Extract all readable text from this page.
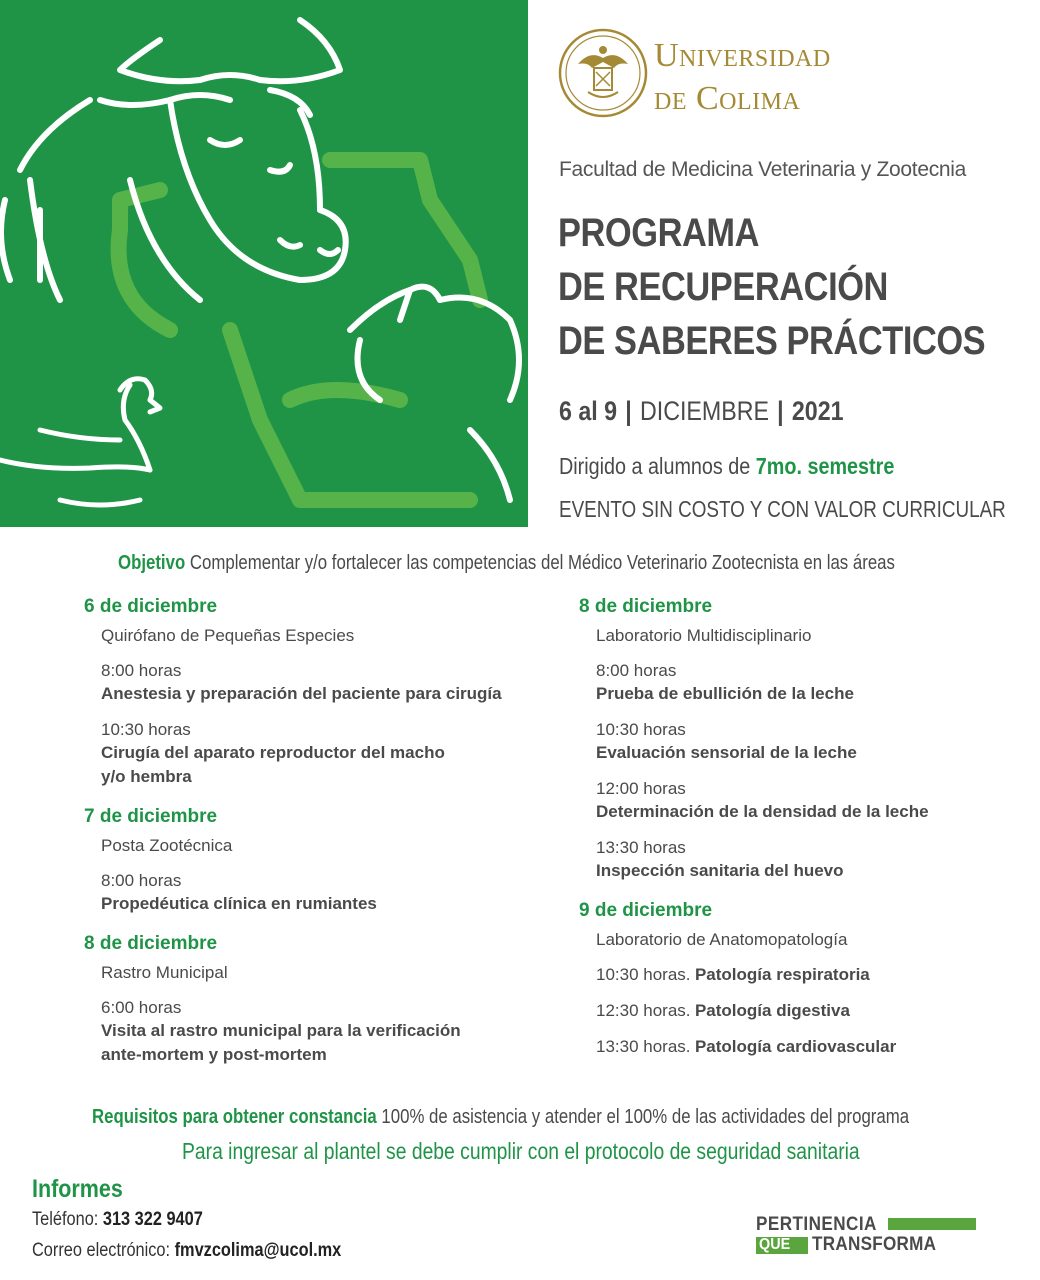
Universidad
de Colima
Facultad de Medicina Veterinaria y Zootecnia
PROGRAMA
DE RECUPERACIÓN
DE SABERES PRÁCTICOS
6 al 9 | DICIEMBRE | 2021
Dirigido a alumnos de 7mo. semestre
EVENTO SIN COSTO Y CON VALOR CURRICULAR
Objetivo Complementar y/o fortalecer las competencias del Médico Veterinario Zootecnista en las áreas
6 de diciembre
Quirófano de Pequeñas Especies
8:00 horas
Anestesia y preparación del paciente para cirugía
10:30 horas
Cirugía del aparato reproductor del macho
y/o hembra
7 de diciembre
Posta Zootécnica
8:00 horas
Propedéutica clínica en rumiantes
8 de diciembre
Rastro Municipal
6:00 horas
Visita al rastro municipal para la verificación
ante-mortem y post-mortem
8 de diciembre
Laboratorio Multidisciplinario
8:00 horas
Prueba de ebullición de la leche
10:30 horas
Evaluación sensorial de la leche
12:00 horas
Determinación de la densidad de la leche
13:30 horas
Inspección sanitaria del huevo
9 de diciembre
Laboratorio de Anatomopatología
10:30 horas. Patología respiratoria
12:30 horas. Patología digestiva
13:30 horas. Patología cardiovascular
Requisitos para obtener constancia 100% de asistencia y atender el 100% de las actividades del programa
Para ingresar al plantel se debe cumplir con el protocolo de seguridad sanitaria
Informes
Teléfono: 313 322 9407
Correo electrónico: fmvzcolima@ucol.mx
PERTINENCIA
QUE TRANSFORMA
